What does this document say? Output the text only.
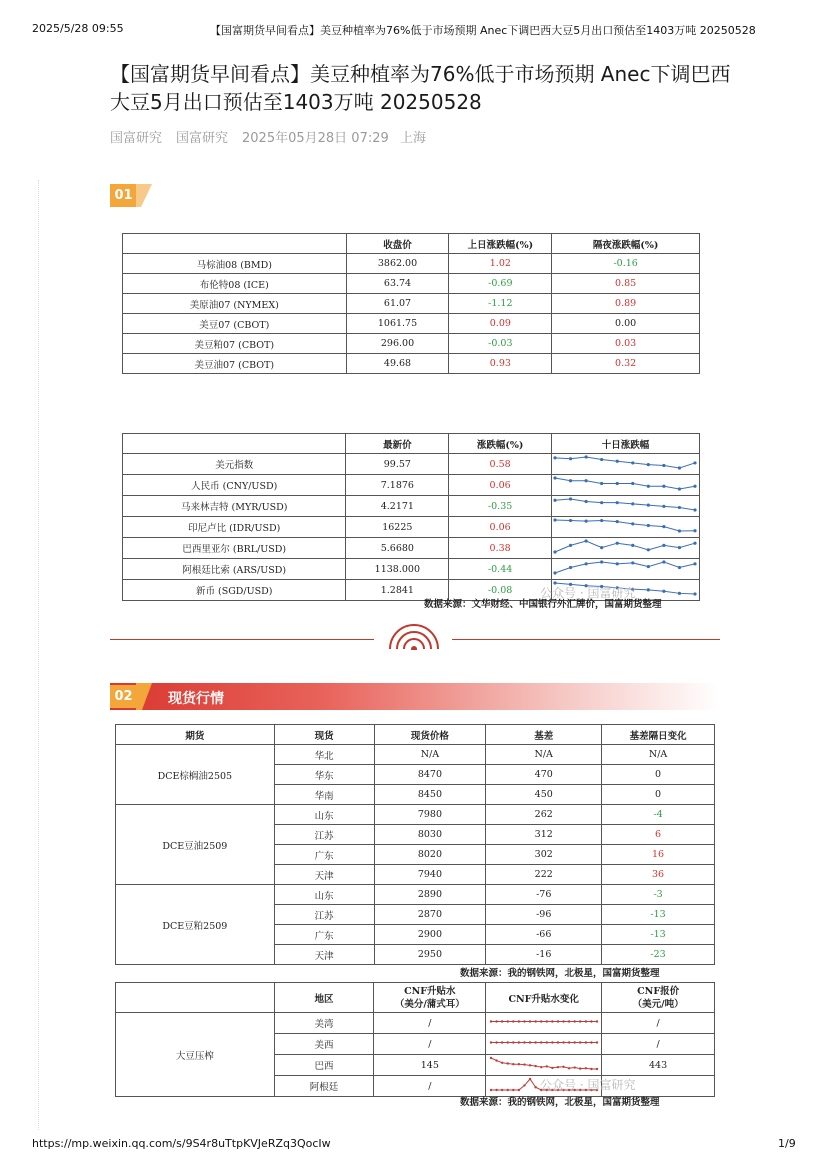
2025/5/28 09:55	【国富期货早间看点】美豆种植率为76%低于市场预期 Anec下调巴西大豆5月出口预估至1403万吨 20250528
【国富期货早间看点】美豆种植率为76%低于市场预期 Anec下调巴西大豆5月出口预估至1403万吨 20250528
国富研究 国富研究 2025年05月28日 07:29 上海
01
	收盘价	上日涨跌幅(%)	隔夜涨跌幅(%)
马棕油08 (BMD)	3862.00	1.02	-0.16
布伦特08 (ICE)	63.74	-0.69	0.85
美原油07 (NYMEX)	61.07	-1.12	0.89
美豆07 (CBOT)	1061.75	0.09	0.00
美豆粕07 (CBOT)	296.00	-0.03	0.03
美豆油07 (CBOT)	49.68	0.93	0.32
	最新价	涨跌幅(%)	十日涨跌幅
美元指数	99.57	0.58	
人民币 (CNY/USD)	7.1876	0.06	
马来林吉特 (MYR/USD)	4.2171	-0.35	
印尼卢比 (IDR/USD)	16225	0.06	
巴西里亚尔 (BRL/USD)	5.6680	0.38	
阿根廷比索 (ARS/USD)	1138.000	-0.44	
新币 (SGD/USD)	1.2841	-0.08	公众号 · 国富研究
数据来源：文华财经、中国银行外汇牌价，国富期货整理
02	现货行情
期货	现货	现货价格	基差	基差隔日变化
DCE棕榈油2505	华北	N/A	N/A	N/A
	华东	8470	470	0
	华南	8450	450	0
DCE豆油2509	山东	7980	262	-4
	江苏	8030	312	6
	广东	8020	302	16
	天津	7940	222	36
DCE豆粕2509	山东	2890	-76	-3
	江苏	2870	-96	-13
	广东	2900	-66	-13
	天津	2950	-16	-23
数据来源：我的钢铁网，北极星，国富期货整理
	地区	CNF升贴水
（美分/蒲式耳）	CNF升贴水变化	CNF报价
（美元/吨）
大豆压榨	美湾	/		/
	美西	/		/
	巴西	145		443
	阿根廷	/			公众号 · 国富研究
数据来源：我的钢铁网，北极星，国富期货整理
https://mp.weixin.qq.com/s/9S4r8uTtpKVJeRZq3QocIw	1/9
